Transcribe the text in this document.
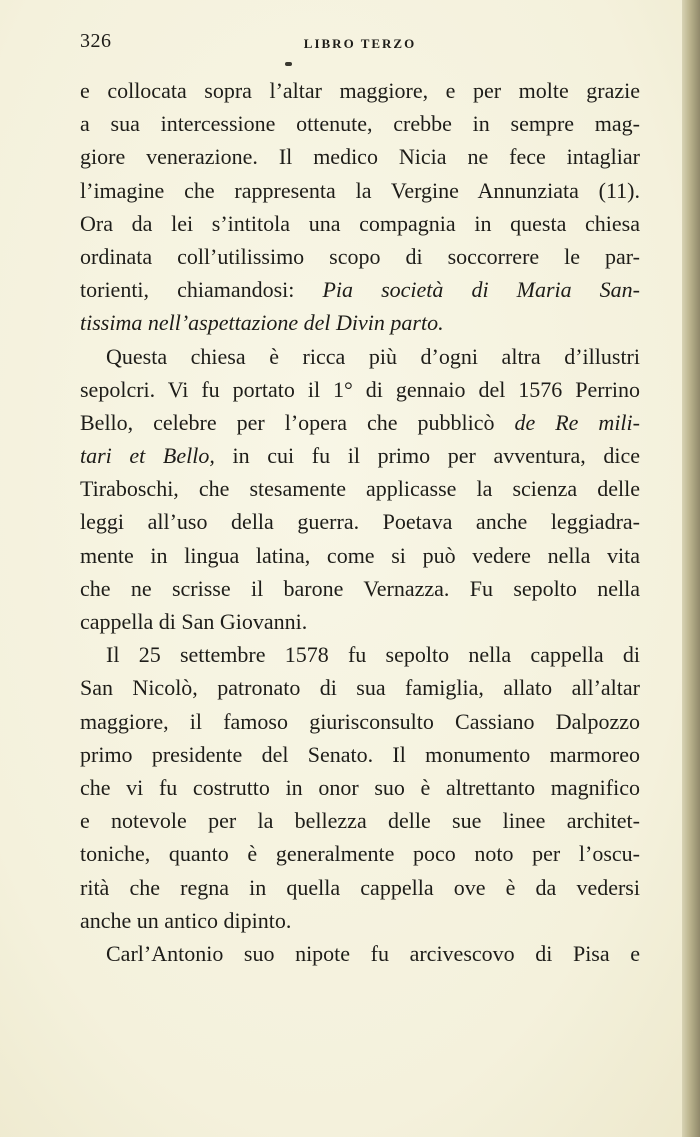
326	LIBRO TERZO
e collocata sopra l’altar maggiore, e per molte grazie
a sua intercessione ottenute, crebbe in sempre mag-
giore venerazione. Il medico Nicia ne fece intagliar
l’imagine che rappresenta la Vergine Annunziata (11).
Ora da lei s’intitola una compagnia in questa chiesa
ordinata coll’utilissimo scopo di soccorrere le par-
torienti, chiamandosi: Pia società di Maria San-
tissima nell’aspettazione del Divin parto.
Questa chiesa è ricca più d’ogni altra d’illustri
sepolcri. Vi fu portato il 1° di gennaio del 1576 Perrino
Bello, celebre per l’opera che pubblicò de Re mili-
tari et Bello, in cui fu il primo per avventura, dice
Tiraboschi, che stesamente applicasse la scienza delle
leggi all’uso della guerra. Poetava anche leggiadra-
mente in lingua latina, come si può vedere nella vita
che ne scrisse il barone Vernazza. Fu sepolto nella
cappella di San Giovanni.
Il 25 settembre 1578 fu sepolto nella cappella di
San Nicolò, patronato di sua famiglia, allato all’altar
maggiore, il famoso giurisconsulto Cassiano Dalpozzo
primo presidente del Senato. Il monumento marmoreo
che vi fu costrutto in onor suo è altrettanto magnifico
e notevole per la bellezza delle sue linee architet-
toniche, quanto è generalmente poco noto per l’oscu-
rità che regna in quella cappella ove è da vedersi
anche un antico dipinto.
Carl’Antonio suo nipote fu arcivescovo di Pisa e
